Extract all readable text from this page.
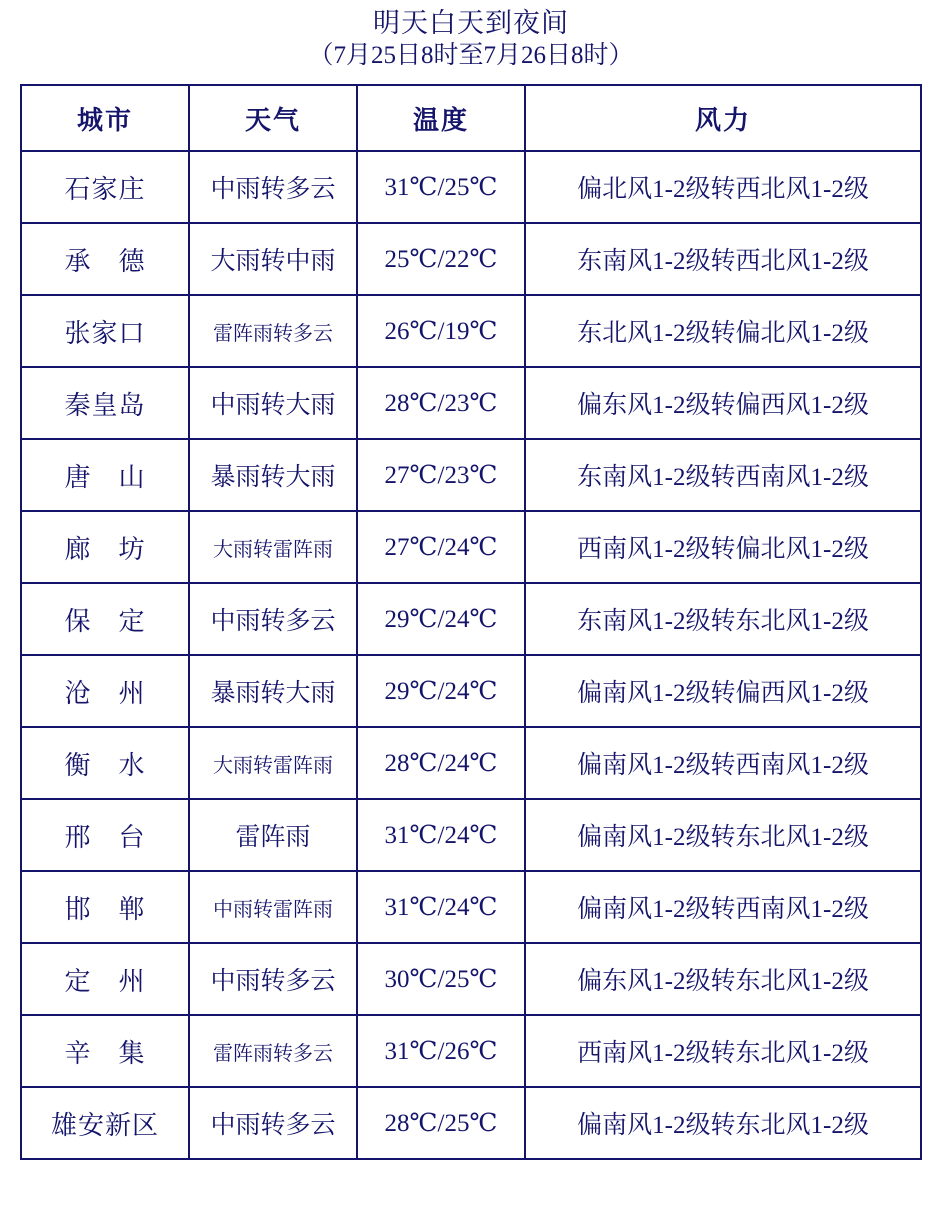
明天白天到夜间
（7月25日8时至7月26日8时）
城市	天气	温度	风力
石家庄	中雨转多云	31℃/25℃	偏北风1-2级转西北风1-2级
承　德	大雨转中雨	25℃/22℃	东南风1-2级转西北风1-2级
张家口	雷阵雨转多云	26℃/19℃	东北风1-2级转偏北风1-2级
秦皇岛	中雨转大雨	28℃/23℃	偏东风1-2级转偏西风1-2级
唐　山	暴雨转大雨	27℃/23℃	东南风1-2级转西南风1-2级
廊　坊	大雨转雷阵雨	27℃/24℃	西南风1-2级转偏北风1-2级
保　定	中雨转多云	29℃/24℃	东南风1-2级转东北风1-2级
沧　州	暴雨转大雨	29℃/24℃	偏南风1-2级转偏西风1-2级
衡　水	大雨转雷阵雨	28℃/24℃	偏南风1-2级转西南风1-2级
邢　台	雷阵雨	31℃/24℃	偏南风1-2级转东北风1-2级
邯　郸	中雨转雷阵雨	31℃/24℃	偏南风1-2级转西南风1-2级
定　州	中雨转多云	30℃/25℃	偏东风1-2级转东北风1-2级
辛　集	雷阵雨转多云	31℃/26℃	西南风1-2级转东北风1-2级
雄安新区	中雨转多云	28℃/25℃	偏南风1-2级转东北风1-2级
